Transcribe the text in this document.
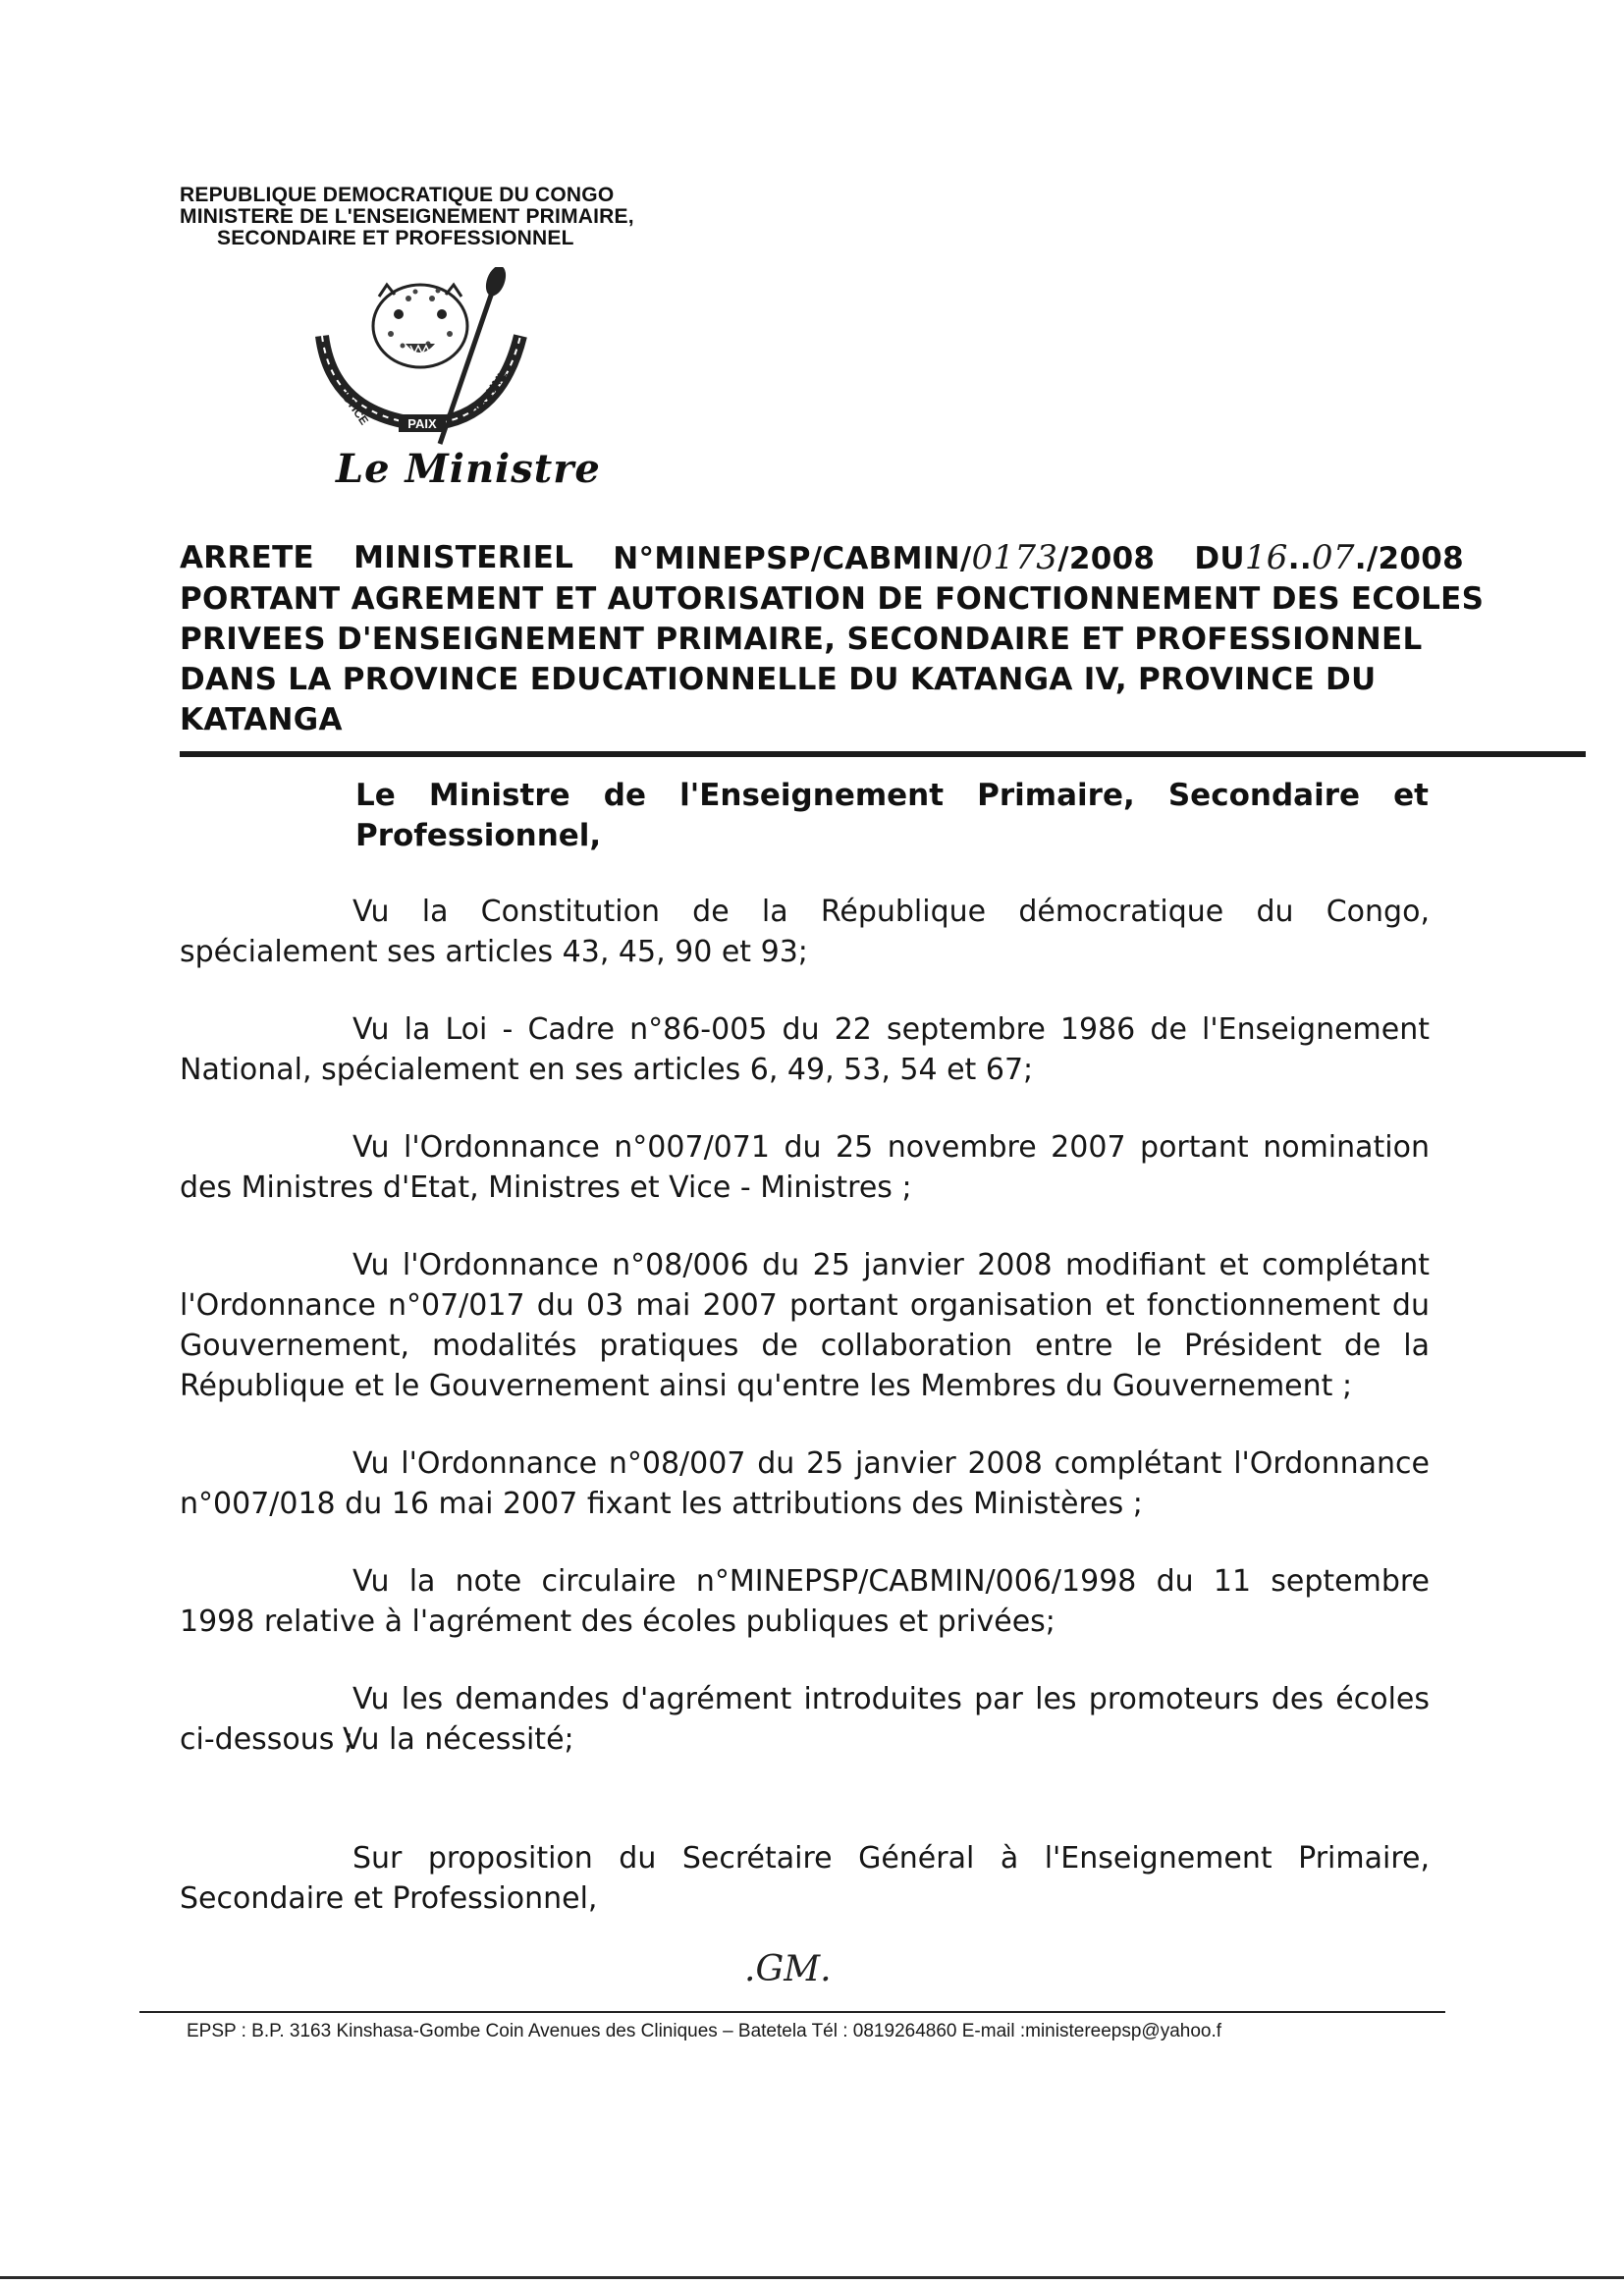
REPUBLIQUE DEMOCRATIQUE DU CONGO
MINISTERE DE L'ENSEIGNEMENT PRIMAIRE,
SECONDAIRE ET PROFESSIONNEL
JUSTICE	PAIX
TRAVAIL
Le Ministre
ARRETE MINISTERIEL N°MINEPSP/CABMIN/0173/2008 DU16..07./2008
PORTANT AGREMENT ET AUTORISATION DE FONCTIONNEMENT DES ECOLES
PRIVEES D'ENSEIGNEMENT PRIMAIRE, SECONDAIRE ET PROFESSIONNEL
DANS LA PROVINCE EDUCATIONNELLE DU KATANGA IV, PROVINCE DU
KATANGA
Le Ministre de l'Enseignement Primaire, Secondaire et
Professionnel,
Vu la Constitution de la République démocratique du Congo, spécialement ses articles 43, 45, 90 et 93;
Vu la Loi - Cadre n°86-005 du 22 septembre 1986 de l'Enseignement National, spécialement en ses articles 6, 49, 53, 54 et 67;
Vu l'Ordonnance n°007/071 du 25 novembre 2007 portant nomination des Ministres d'Etat, Ministres et Vice - Ministres ;
Vu l'Ordonnance n°08/006 du 25 janvier 2008 modifiant et complétant l'Ordonnance n°07/017 du 03 mai 2007 portant organisation et fonctionnement du Gouvernement, modalités pratiques de collaboration entre le Président de la République et le Gouvernement ainsi qu'entre les Membres du Gouvernement ;
Vu l'Ordonnance n°08/007 du 25 janvier 2008 complétant l'Ordonnance n°007/018 du 16 mai 2007 fixant les attributions des Ministères ;
Vu la note circulaire n°MINEPSP/CABMIN/006/1998 du 11 septembre 1998 relative à l'agrément des écoles publiques et privées;
Vu les demandes d'agrément introduites par les promoteurs des écoles ci-dessous ;
Vu la nécessité;
Sur proposition du Secrétaire Général à l'Enseignement Primaire, Secondaire et Professionnel,
.GM.
EPSP : B.P. 3163 Kinshasa-Gombe Coin Avenues des Cliniques – Batetela Tél : 0819264860 E-mail :ministereepsp@yahoo.f
